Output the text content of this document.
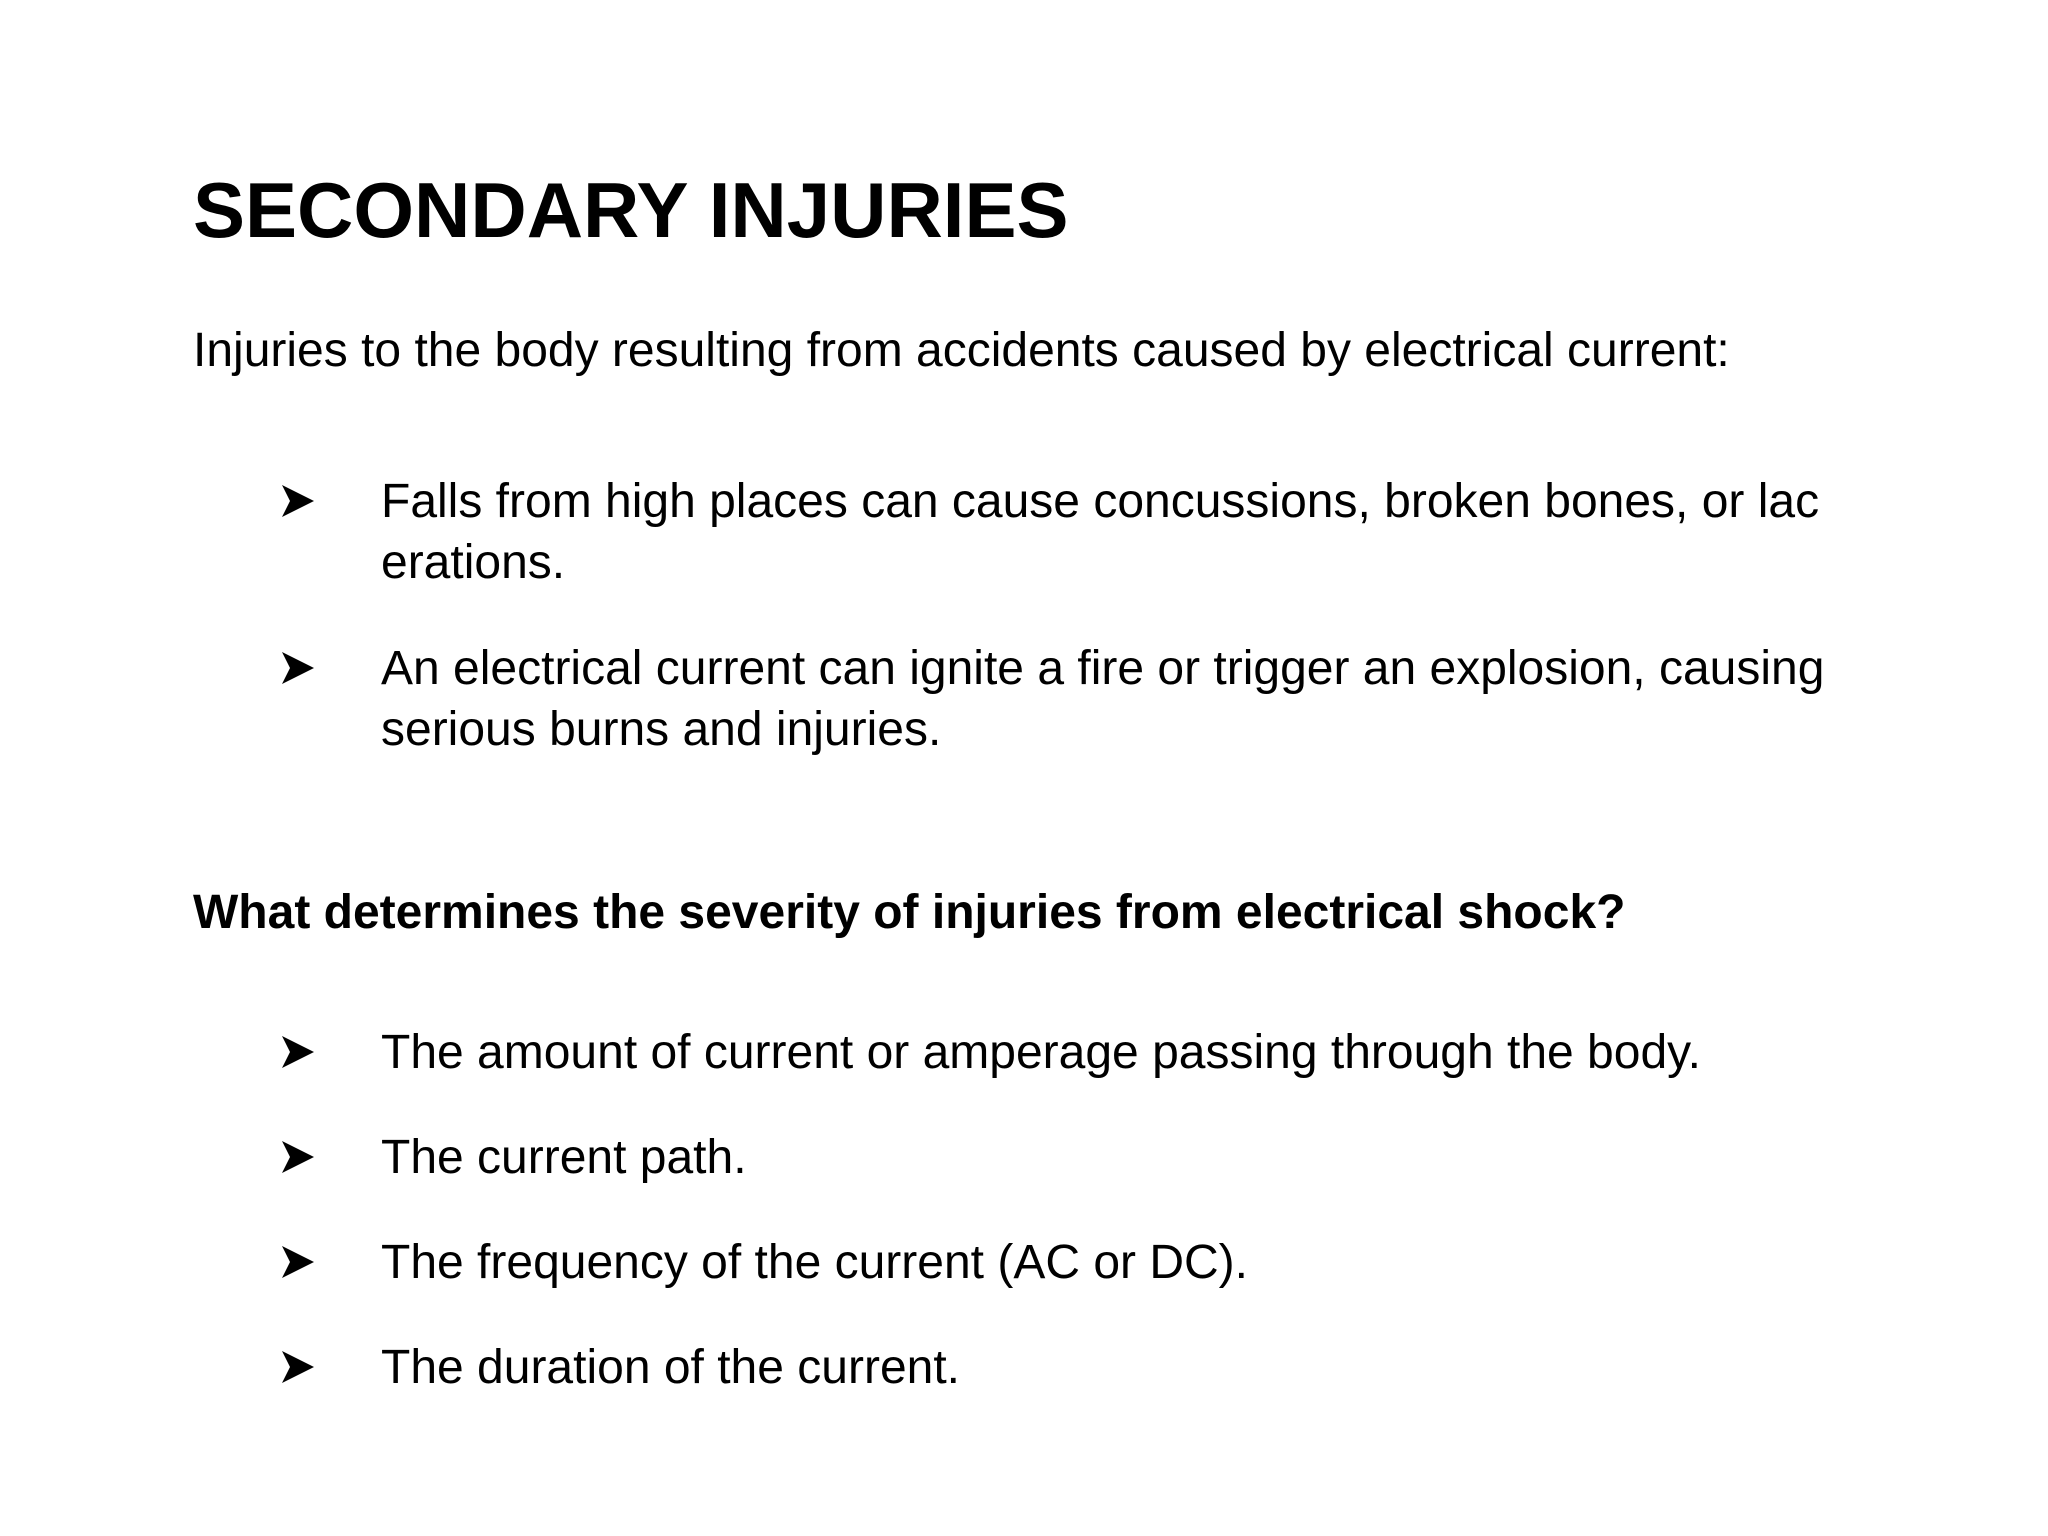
SECONDARY INJURIES

Injuries to the body resulting from accidents caused by electrical current:

Falls from high places can cause concussions, broken bones, or lac
erations.
An electrical current can ignite a fire or trigger an explosion, causing
serious burns and injuries.

What determines the severity of injuries from electrical shock?

The amount of current or amperage passing through the body.
The current path.
The frequency of the current (AC or DC).
The duration of the current.
